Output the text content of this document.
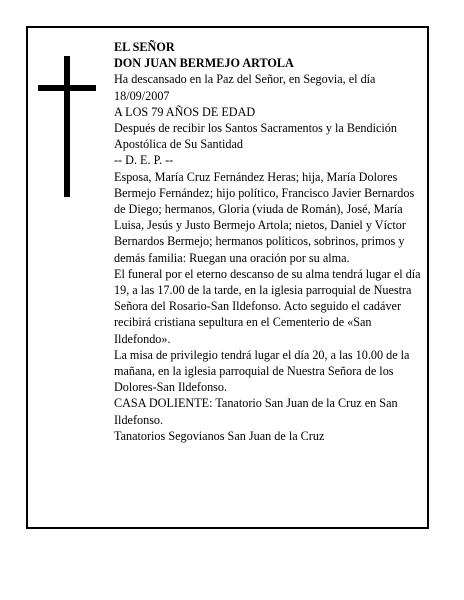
EL SEÑOR

DON JUAN BERMEJO ARTOLA

Ha descansado en la Paz del Señor, en Segovia, el día 18/09/2007

A LOS 79 AÑOS DE EDAD

Después de recibir los Santos Sacramentos y la Bendición Apostólica de Su Santidad

-- D. E. P. --

Esposa, María Cruz Fernández Heras; hija, María Dolores Bermejo Fernández; hijo político, Francisco Javier Bernardos de Diego; hermanos, Gloria (viuda de Román), José, María Luisa, Jesús y Justo Bermejo Artola; nietos, Daniel y Víctor Bernardos Bermejo; hermanos políticos, sobrinos, primos y demás familia: Ruegan una oración por su alma.

El funeral por el eterno descanso de su alma tendrá lugar el día 19, a las 17.00 de la tarde, en la iglesia parroquial de Nuestra Señora del Rosario-San Ildefonso. Acto seguido el cadáver recibirá cristiana sepultura en el Cementerio de «San Ildefondo».

La misa de privilegio tendrá lugar el día 20, a las 10.00 de la mañana, en la iglesia parroquial de Nuestra Señora de los Dolores-San Ildefonso.

CASA DOLIENTE: Tanatorio San Juan de la Cruz en San Ildefonso.

Tanatorios Segovianos San Juan de la Cruz
